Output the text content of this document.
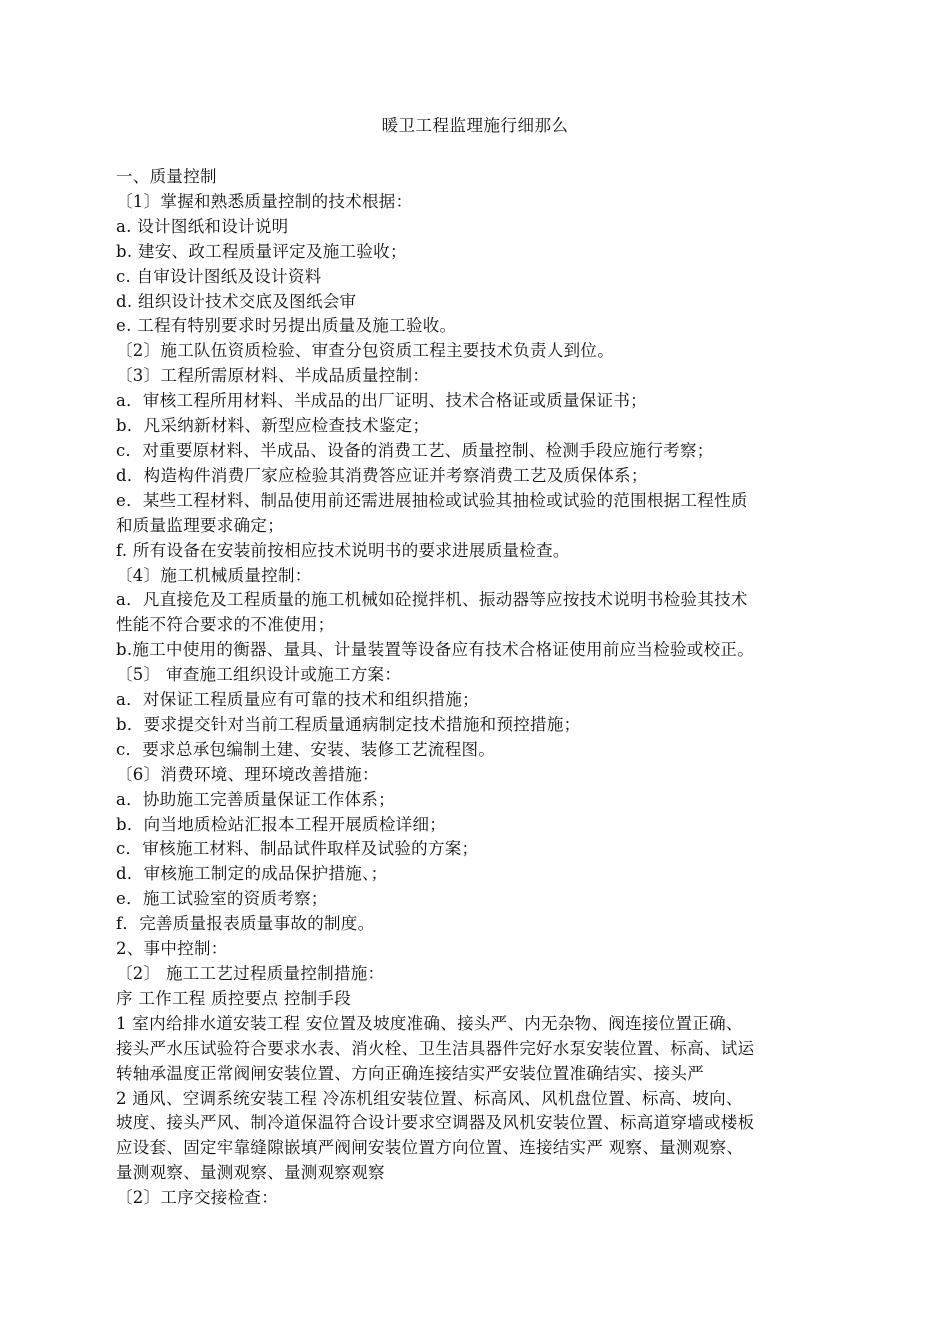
暖卫工程监理施行细那么
一、质量控制
〔1〕掌握和熟悉质量控制的技术根据：
a. 设计图纸和设计说明
b. 建安、政工程质量评定及施工验收；
c. 自审设计图纸及设计资料
d. 组织设计技术交底及图纸会审
e. 工程有特别要求时另提出质量及施工验收。
〔2〕施工队伍资质检验、审查分包资质工程主要技术负责人到位。
〔3〕工程所需原材料、半成品质量控制：
a．审核工程所用材料、半成品的出厂证明、技术合格证或质量保证书；
b．凡采纳新材料、新型应检查技术鉴定；
c．对重要原材料、半成品、设备的消费工艺、质量控制、检测手段应施行考察；
d．构造构件消费厂家应检验其消费答应证并考察消费工艺及质保体系；
e．某些工程材料、制品使用前还需进展抽检或试验其抽检或试验的范围根据工程性质
和质量监理要求确定；
f. 所有设备在安装前按相应技术说明书的要求进展质量检查。
〔4〕施工机械质量控制：
a．凡直接危及工程质量的施工机械如砼搅拌机、振动器等应按技术说明书检验其技术
性能不符合要求的不准使用；
b.施工中使用的衡器、量具、计量装置等设备应有技术合格证使用前应当检验或校正。
〔5〕 审查施工组织设计或施工方案：
a．对保证工程质量应有可靠的技术和组织措施；
b．要求提交针对当前工程质量通病制定技术措施和预控措施；
c．要求总承包编制土建、安装、装修工艺流程图。
〔6〕消费环境、理环境改善措施：
a．协助施工完善质量保证工作体系；
b．向当地质检站汇报本工程开展质检详细；
c．审核施工材料、制品试件取样及试验的方案；
d．审核施工制定的成品保护措施、；
e．施工试验室的资质考察；
f．完善质量报表质量事故的制度。
2、事中控制：
〔2〕 施工工艺过程质量控制措施：
序 工作工程 质控要点 控制手段
1 室内给排水道安装工程 安位置及坡度准确、接头严、内无杂物、阀连接位置正确、
接头严水压试验符合要求水表、消火栓、卫生洁具器件完好水泵安装位置、标高、试运
转轴承温度正常阀闸安装位置、方向正确连接结实严安装位置准确结实、接头严
2 通风、空调系统安装工程 冷冻机组安装位置、标高风、风机盘位置、标高、坡向、
坡度、接头严风、制冷道保温符合设计要求空调器及风机安装位置、标高道穿墙或楼板
应设套、固定牢靠缝隙嵌填严阀闸安装位置方向位置、连接结实严 观察、量测观察、
量测观察、量测观察、量测观察观察
〔2〕工序交接检查：
